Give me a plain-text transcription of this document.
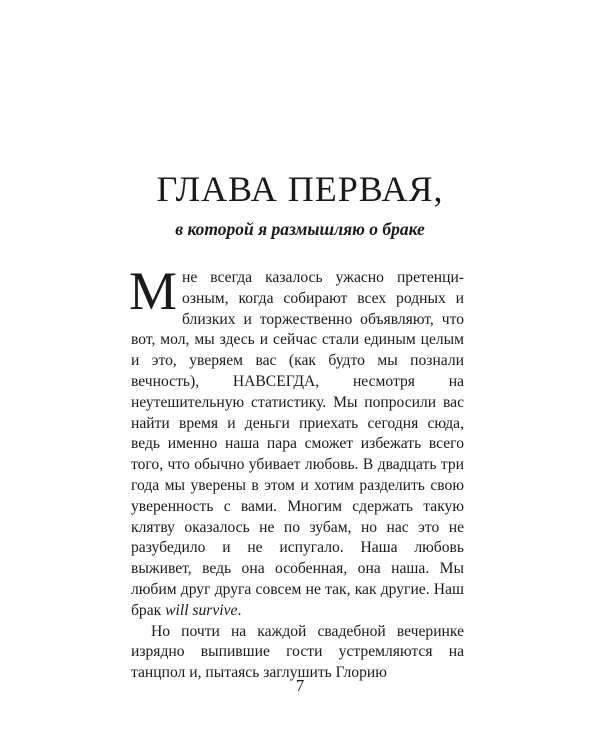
ГЛАВА ПЕРВАЯ,
в которой я размышляю о браке

Мне всегда казалось ужасно претенциозным, когда собирают всех родных и близких и торжественно объявляют, что вот, мол, мы здесь и сейчас стали единым целым и это, уверяем вас (как будто мы познали вечность), НАВСЕГДА, несмотря на неутешительную статистику. Мы попросили вас найти время и деньги приехать сегодня сюда, ведь именно наша пара сможет избежать всего того, что обычно убивает любовь. В двадцать три года мы уверены в этом и хотим разделить свою уверенность с вами. Многим сдержать такую клятву оказалось не по зубам, но нас это не разубедило и не испугало. Наша любовь выживет, ведь она особенная, она наша. Мы любим друг друга совсем не так, как другие. Наш брак will survive.

Но почти на каждой свадебной вечеринке изрядно выпившие гости устремляются на танцпол и, пытаясь заглушить Глорию

7
